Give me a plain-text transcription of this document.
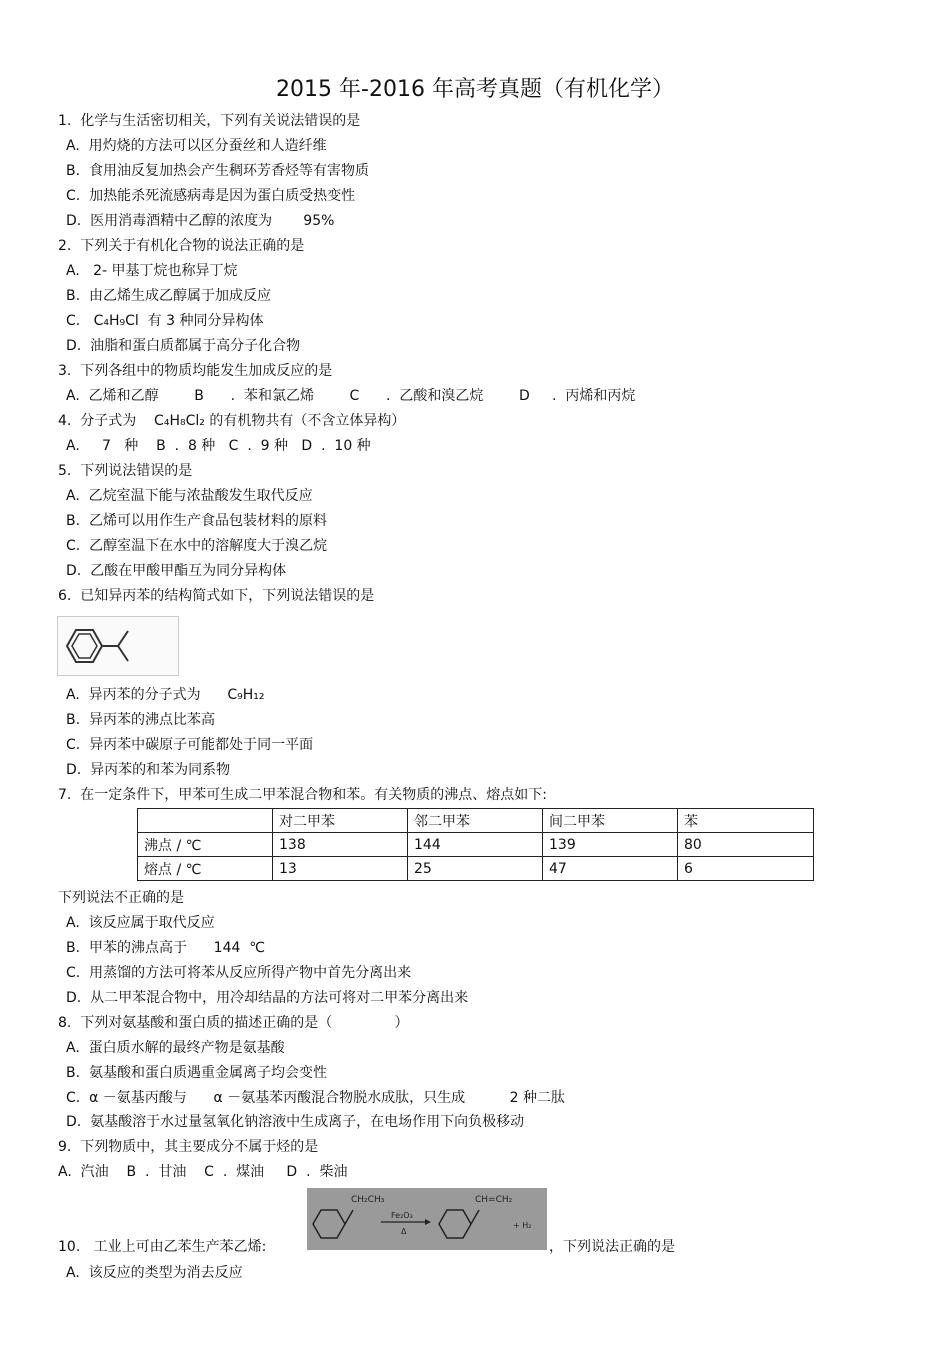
2015 年-2016 年高考真题（有机化学）
1.  化学与生活密切相关，下列有关说法错误的是
A.  用灼烧的方法可以区分蚕丝和人造纤维
B.  食用油反复加热会产生稠环芳香烃等有害物质
C.  加热能杀死流感病毒是因为蛋白质受热变性
D.  医用消毒酒精中乙醇的浓度为       95%
2.  下列关于有机化合物的说法正确的是
A.   2- 甲基丁烷也称异丁烷
B.  由乙烯生成乙醇属于加成反应
C.   C₄H₉Cl  有 3 种同分异构体
D.  油脂和蛋白质都属于高分子化合物
3.  下列各组中的物质均能发生加成反应的是
A.  乙烯和乙醇        B      .  苯和氯乙烯        C      .  乙酸和溴乙烷        D     .  丙烯和丙烷
4.  分子式为    C₄H₈Cl₂ 的有机物共有（不含立体异构）
A.     7   种    B  .  8 种   C  .  9 种   D  .  10 种
5.  下列说法错误的是
A.  乙烷室温下能与浓盐酸发生取代反应
B.  乙烯可以用作生产食品包装材料的原料
C.  乙醇室温下在水中的溶解度大于溴乙烷
D.  乙酸在甲酸甲酯互为同分异构体
6.  已知异丙苯的结构简式如下，下列说法错误的是
A.  异丙苯的分子式为      C₉H₁₂
B.  异丙苯的沸点比苯高
C.  异丙苯中碳原子可能都处于同一平面
D.  异丙苯的和苯为同系物
7.  在一定条件下，甲苯可生成二甲苯混合物和苯。有关物质的沸点、熔点如下:
	对二甲苯	邻二甲苯	间二甲苯	苯
沸点 / ℃	138	144	139	80
熔点 / ℃	13	25	47	6
下列说法不正确的是
A.  该反应属于取代反应
B.  甲苯的沸点高于      144  ℃
C.  用蒸馏的方法可将苯从反应所得产物中首先分离出来
D.  从二甲苯混合物中，用冷却结晶的方法可将对二甲苯分离出来
8.  下列对氨基酸和蛋白质的描述正确的是（              ）
A.  蛋白质水解的最终产物是氨基酸
B.  氨基酸和蛋白质遇重金属离子均会变性
C.  α －氨基丙酸与      α －氨基苯丙酸混合物脱水成肽，只生成          2 种二肽
D.  氨基酸溶于水过量氢氧化钠溶液中生成离子，在电场作用下向负极移动
9.  下列物质中，其主要成分不属于烃的是
A.  汽油    B  .  甘油    C  .  煤油     D  .  柴油
CH₂CH₃
Fe₂O₃
Δ
CH=CH₂
+ H₂
10.   工业上可由乙苯生产苯乙烯:	，下列说法正确的是
A.  该反应的类型为消去反应
